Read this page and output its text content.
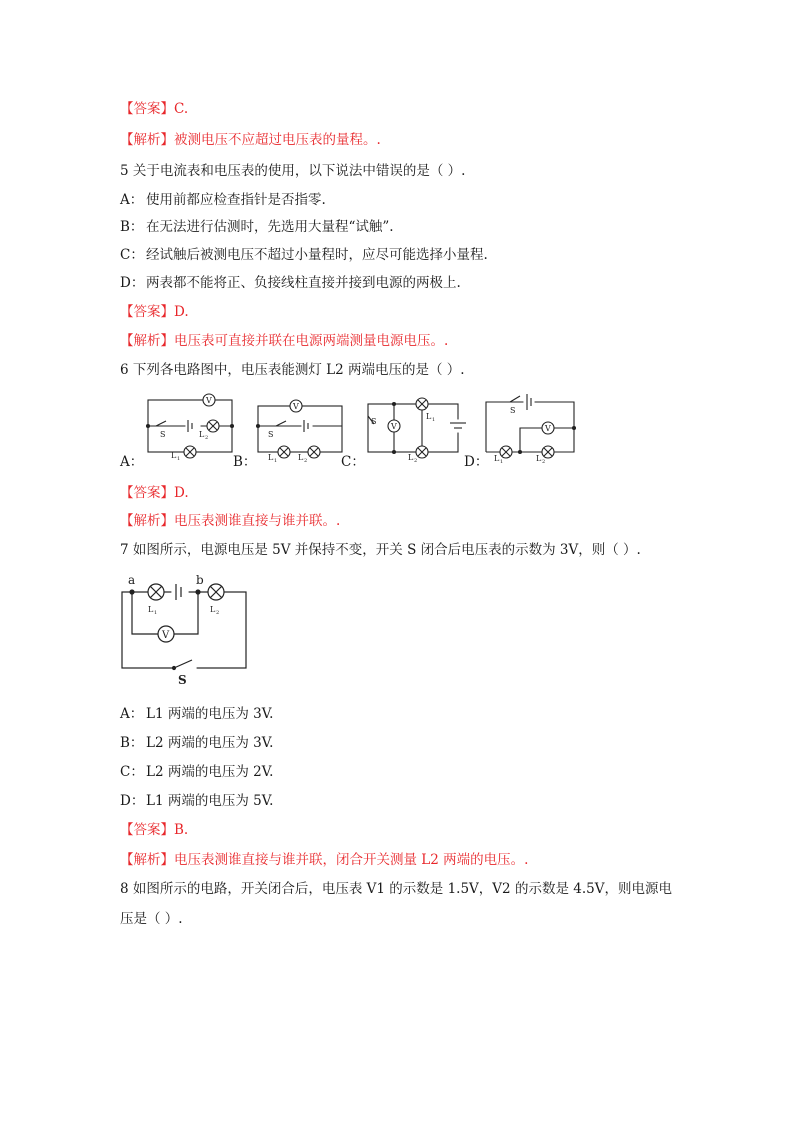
【答案】C.
【解析】被测电压不应超过电压表的量程。.
5 关于电流表和电压表的使用，以下说法中错误的是（ ）.
A： 使用前都应检查指针是否指零.
B： 在无法进行估测时，先选用大量程“试触”.
C： 经试触后被测电压不超过小量程时，应尽可能选择小量程.
D： 两表都不能将正、负接线柱直接并接到电源的两极上.
【答案】D.
【解析】电压表可直接并联在电源两端测量电源电压。.
6 下列各电路图中，电压表能测灯 L2 两端电压的是（ ）.
V
S	L 2
L 1
A：
V
S
L 1	L 2
B：
V
S
L 1
L 2
C：
V
S
L 1	L 2
D：
【答案】D.
【解析】电压表测谁直接与谁并联。.
7 如图所示，电源电压是 5V 并保持不变，开关 S 闭合后电压表的示数为 3V，则（ ）.
V
a	b
L 1	L 2
S
A： L1 两端的电压为 3V.
B： L2 两端的电压为 3V.
C： L2 两端的电压为 2V.
D： L1 两端的电压为 5V.
【答案】B.
【解析】电压表测谁直接与谁并联，闭合开关测量 L2 两端的电压。.
8 如图所示的电路，开关闭合后，电压表 V1 的示数是 1.5V，V2 的示数是 4.5V，则电源电
压是（ ）.
